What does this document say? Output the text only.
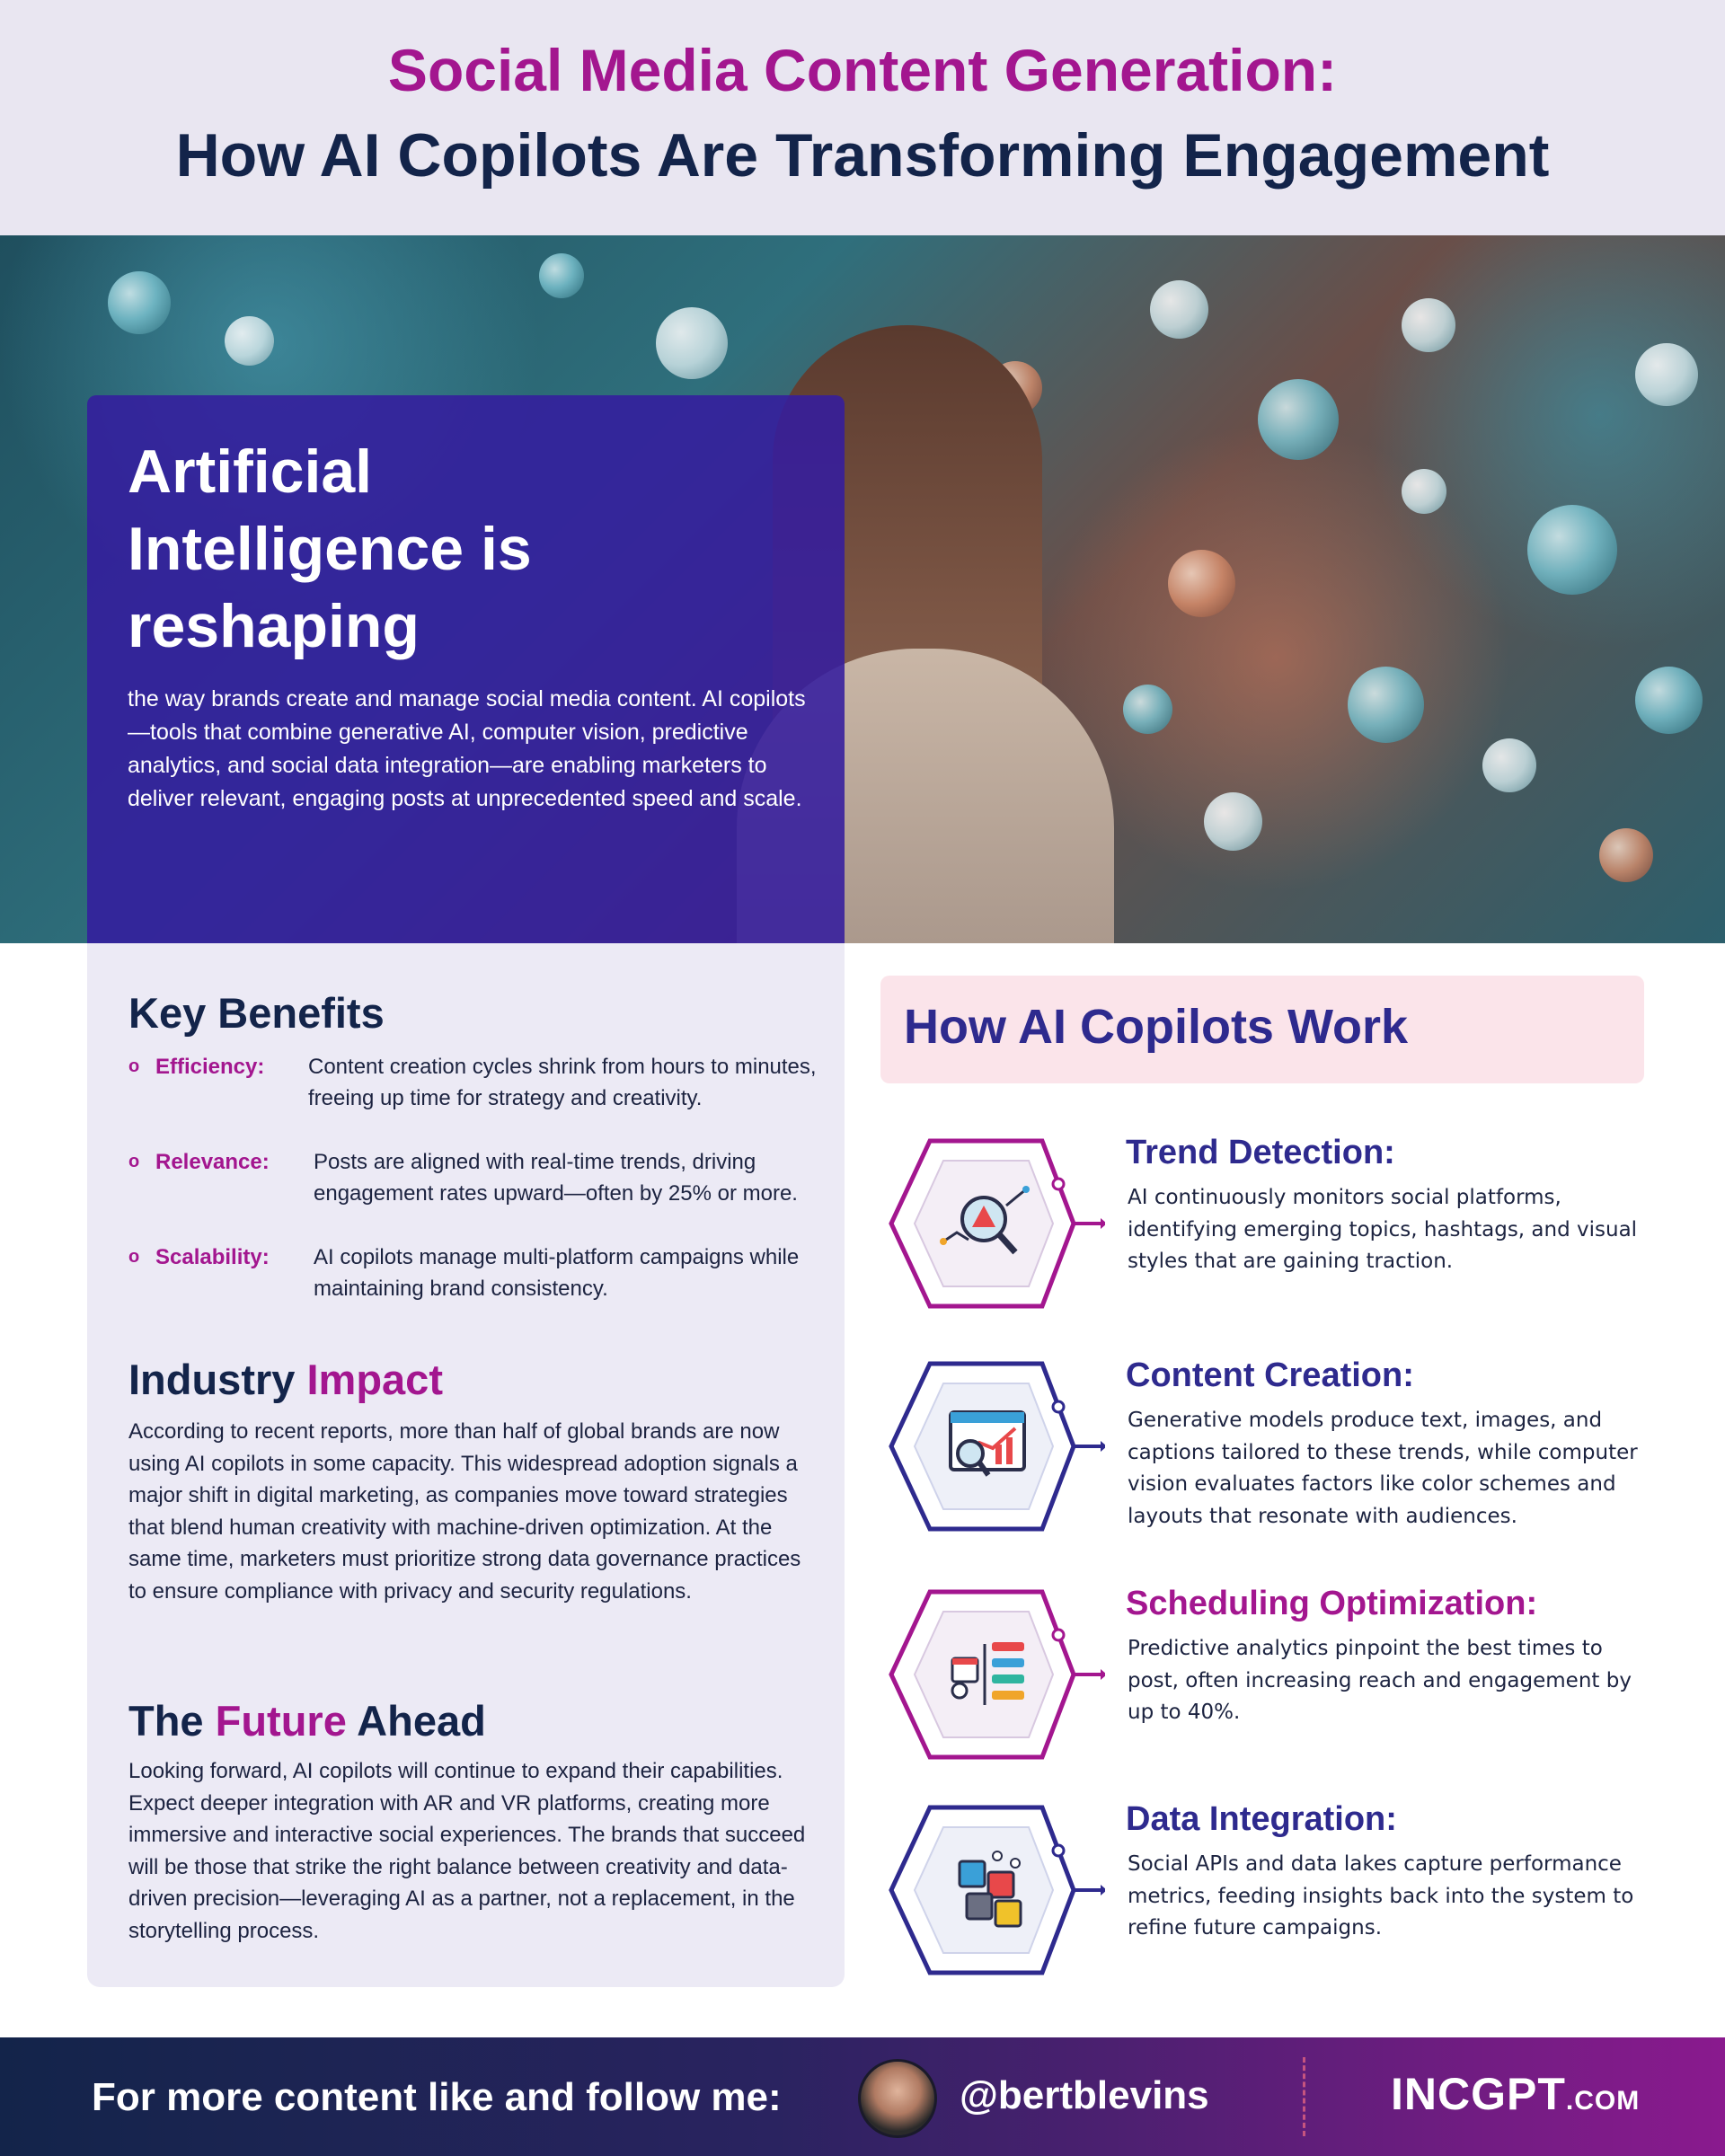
Social Media Content Generation:
How AI Copilots Are Transforming Engagement
Artificial Intelligence is reshaping
the way brands create and manage social media content. AI copilots—tools that combine generative AI, computer vision, predictive analytics, and social data integration—are enabling marketers to deliver relevant, engaging posts at unprecedented speed and scale.
Key Benefits
o Efficiency: Content creation cycles shrink from hours to minutes, freeing up time for strategy and creativity.
o Relevance: Posts are aligned with real-time trends, driving engagement rates upward—often by 25% or more.
o Scalability: AI copilots manage multi-platform campaigns while maintaining brand consistency.
Industry Impact
According to recent reports, more than half of global brands are now using AI copilots in some capacity. This widespread adoption signals a major shift in digital marketing, as companies move toward strategies that blend human creativity with machine-driven optimization. At the same time, marketers must prioritize strong data governance practices to ensure compliance with privacy and security regulations.
The Future Ahead
Looking forward, AI copilots will continue to expand their capabilities. Expect deeper integration with AR and VR platforms, creating more immersive and interactive social experiences. The brands that succeed will be those that strike the right balance between creativity and data-driven precision—leveraging AI as a partner, not a replacement, in the storytelling process.
How AI Copilots Work
Trend Detection:
AI continuously monitors social platforms, identifying emerging topics, hashtags, and visual styles that are gaining traction.
Content Creation:
Generative models produce text, images, and captions tailored to these trends, while computer vision evaluates factors like color schemes and layouts that resonate with audiences.
Scheduling Optimization:
Predictive analytics pinpoint the best times to post, often increasing reach and engagement by up to 40%.
Data Integration:
Social APIs and data lakes capture performance metrics, feeding insights back into the system to refine future campaigns.
For more content like and follow me:	@bertblevins	INCGPT.COM
